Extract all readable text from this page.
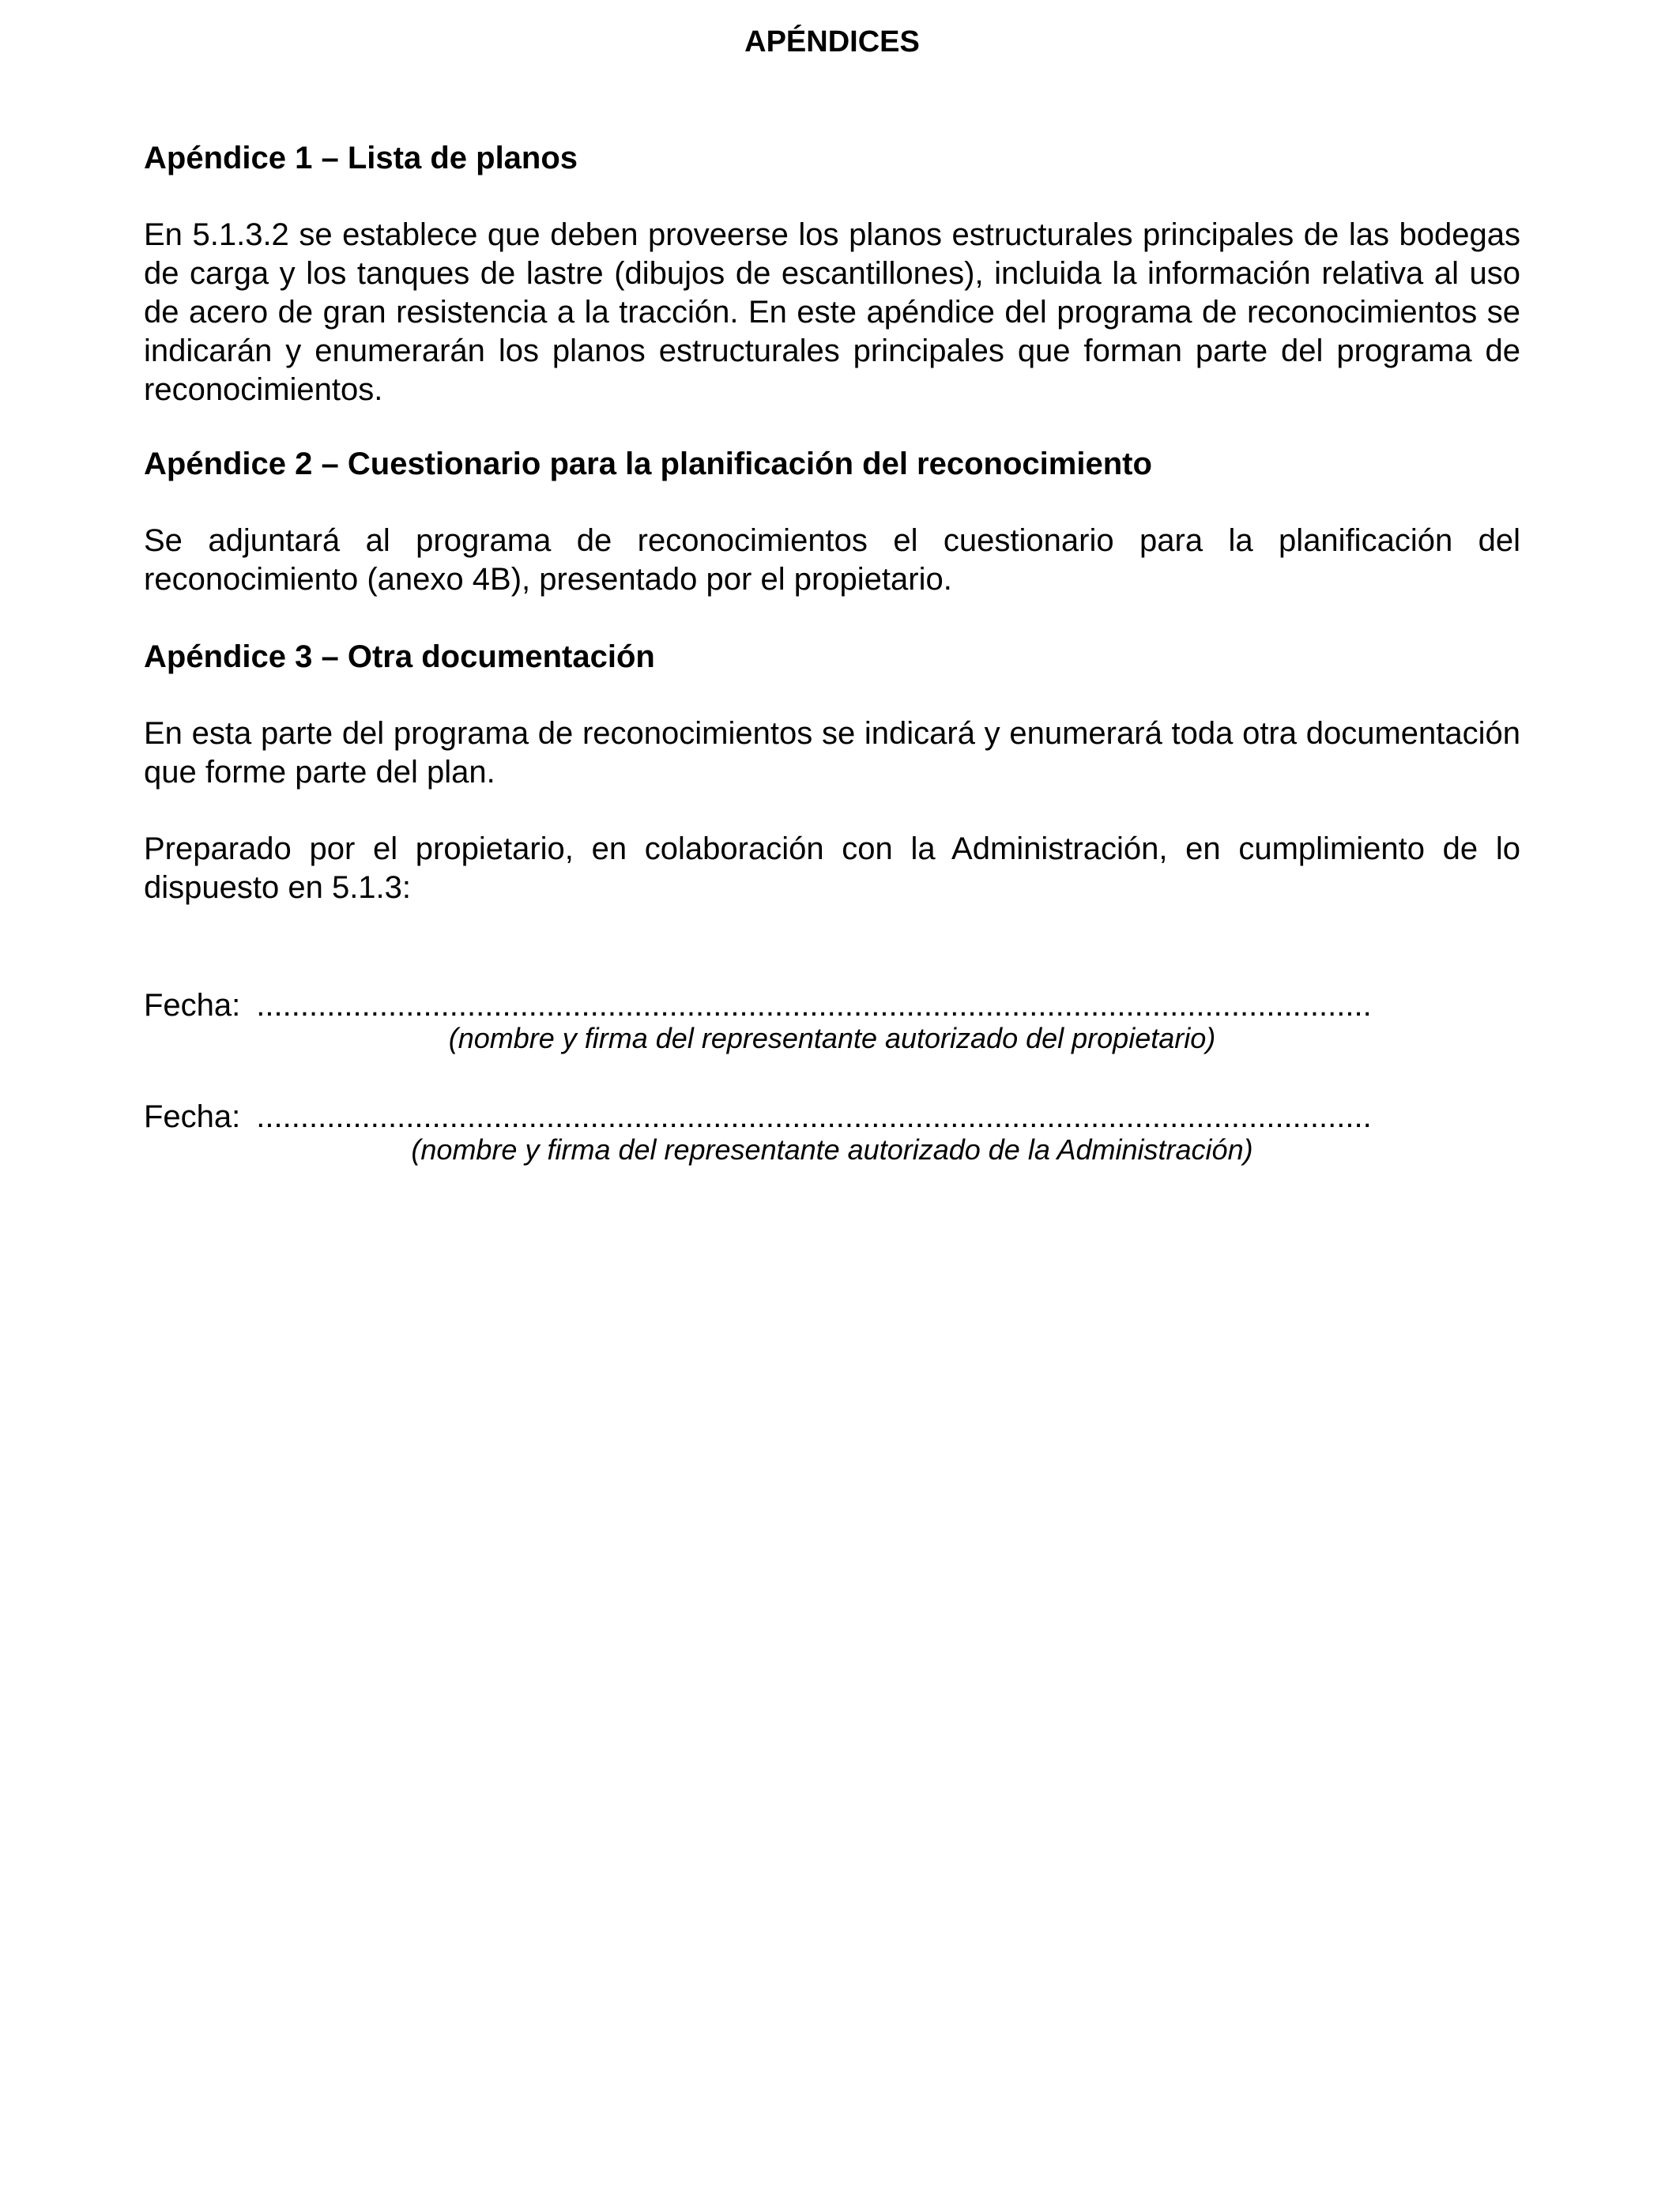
APÉNDICES
Apéndice 1 – Lista de planos
En 5.1.3.2 se establece que deben proveerse los planos estructurales principales de las bodegas de carga y los tanques de lastre (dibujos de escantillones), incluida la información relativa al uso de acero de gran resistencia a la tracción. En este apéndice del programa de reconocimientos se indicarán y enumerarán los planos estructurales principales que forman parte del programa de reconocimientos.
Apéndice 2 – Cuestionario para la planificación del reconocimiento
Se adjuntará al programa de reconocimientos el cuestionario para la planificación del reconocimiento (anexo 4B), presentado por el propietario.
Apéndice 3 – Otra documentación
En esta parte del programa de reconocimientos se indicará y enumerará toda otra documentación que forme parte del plan.
Preparado por el propietario, en colaboración con la Administración, en cumplimiento de lo dispuesto en 5.1.3:
Fecha: ...............................................................................................................................
(nombre y firma del representante autorizado del propietario)
Fecha: ...............................................................................................................................
(nombre y firma del representante autorizado de la Administración)
